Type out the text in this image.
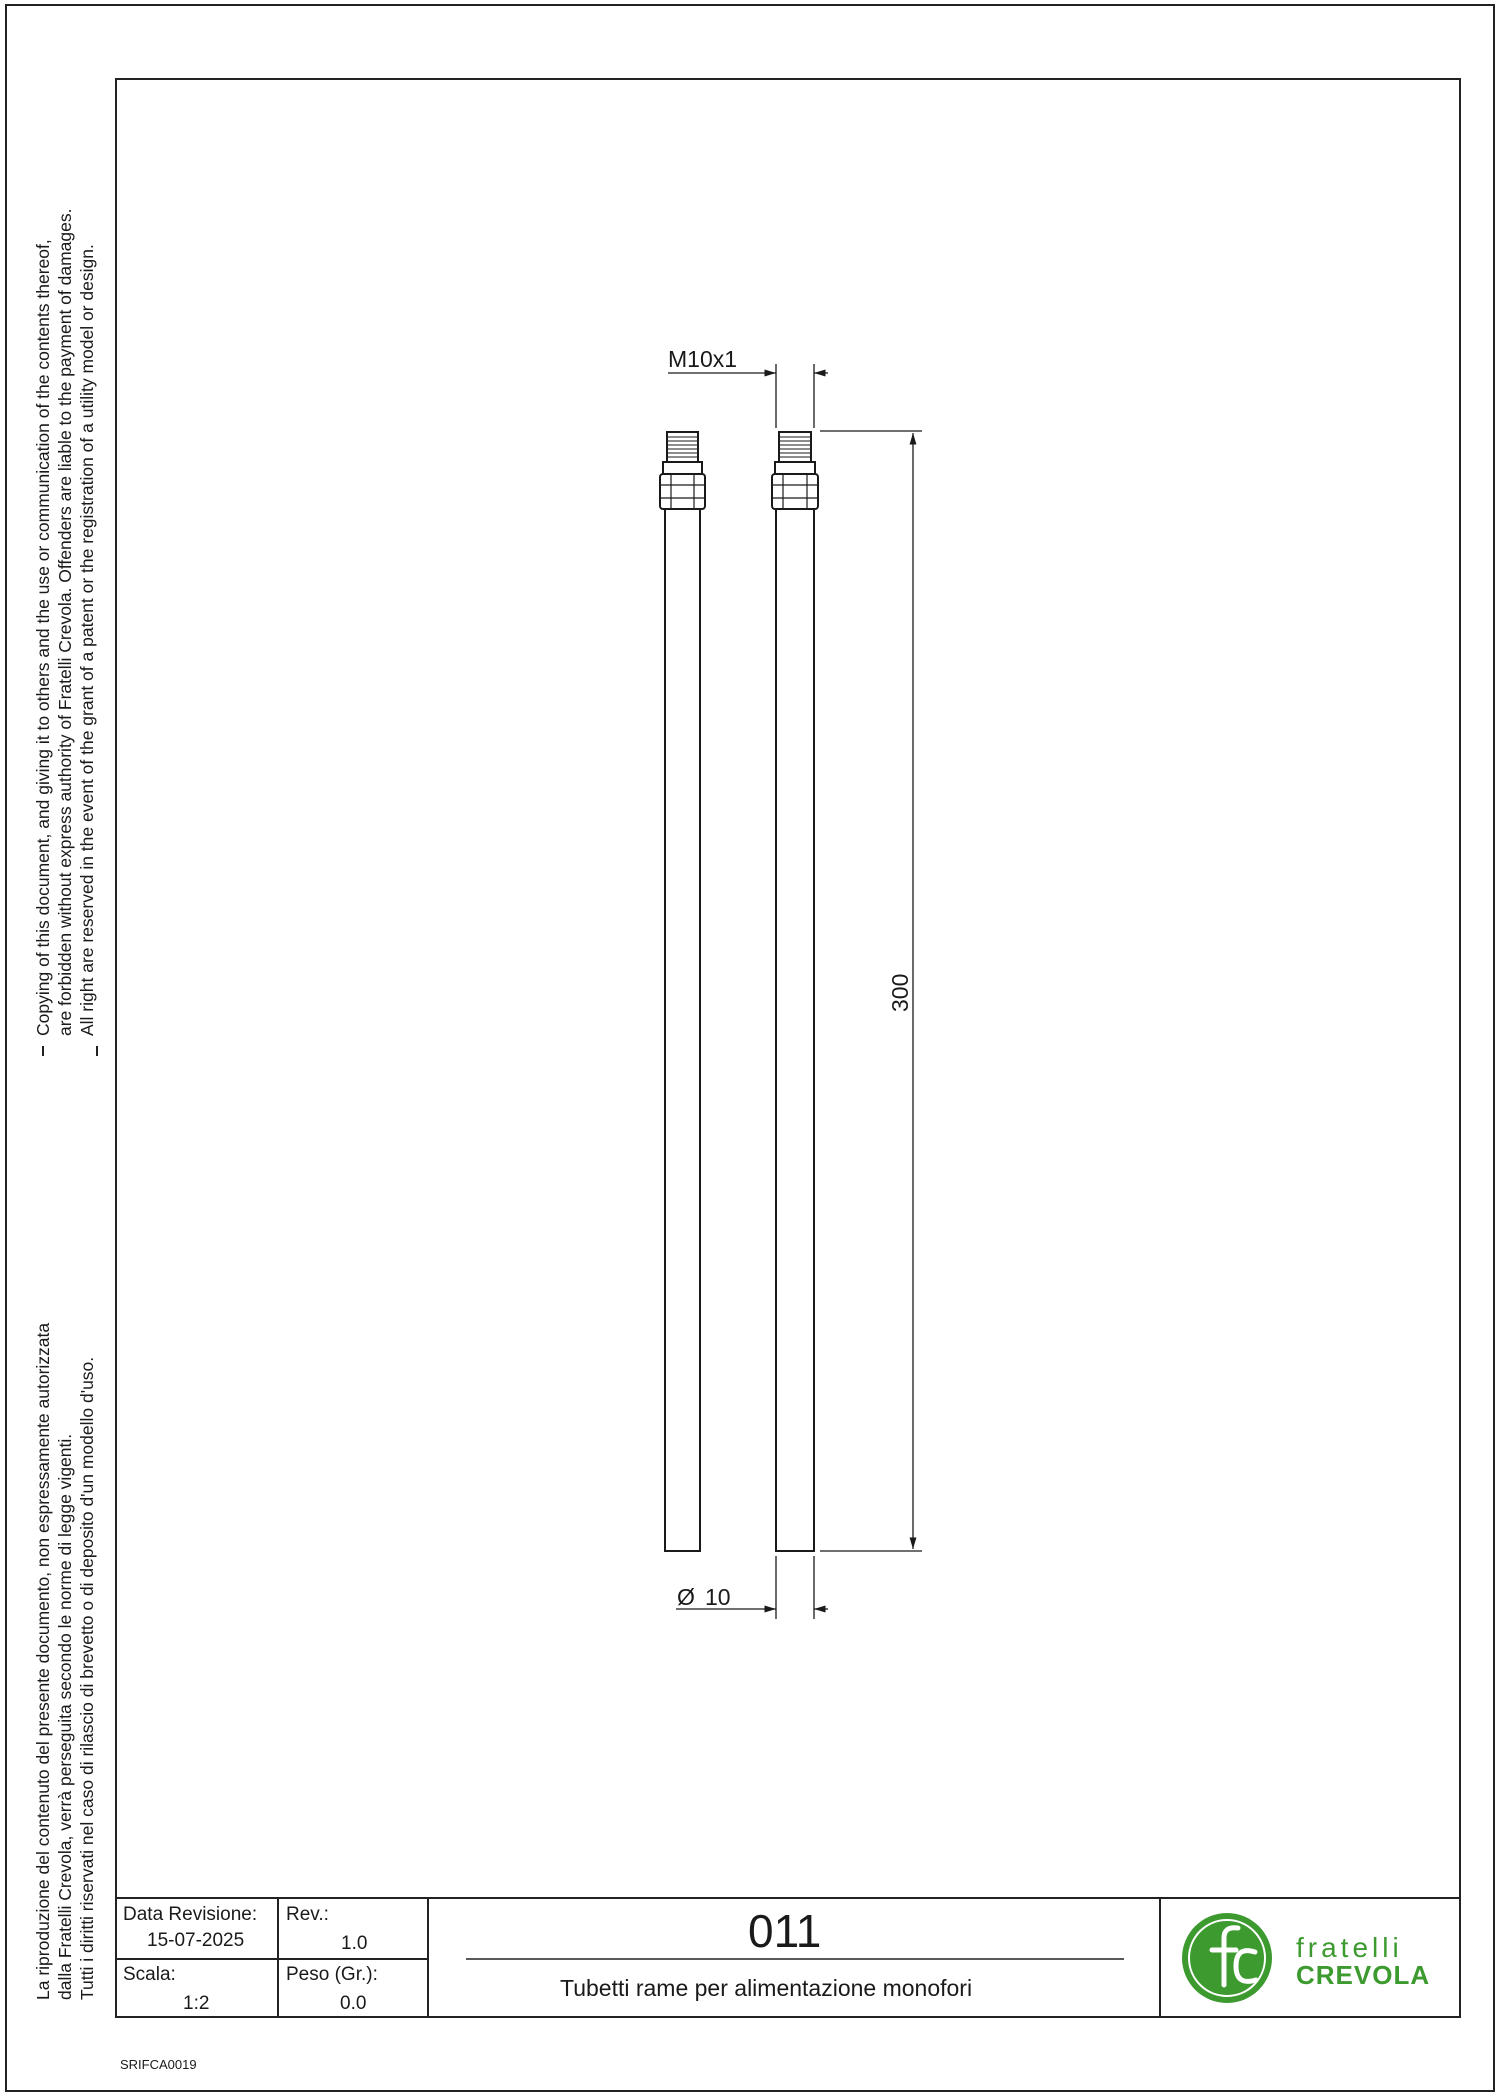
La riproduzione del contenuto del presente documento, non espressamente autorizzata dalla Fratelli Crevola, verrà perseguita secondo le norme di legge vigenti. Tutti i diritti riservati nel caso di rilascio di brevetto o di deposito d'un modello d'uso.
Copying of this document, and giving it to others and the use or communication of the contents thereof, are forbidden without express authority of Fratelli Crevola. Offenders are liable to the payment of damages. All right are reserved in the event of the grant of a patent or the registration of a utility model or design.	M10x1
300
Ø 10
fratelli
CREVOLA
Data Revisione:
15-07-2025
Rev.:
1.0
Scala:
1:2
Peso (Gr.):
0.0
011
Tubetti rame per alimentazione monofori
SRIFCA0019
